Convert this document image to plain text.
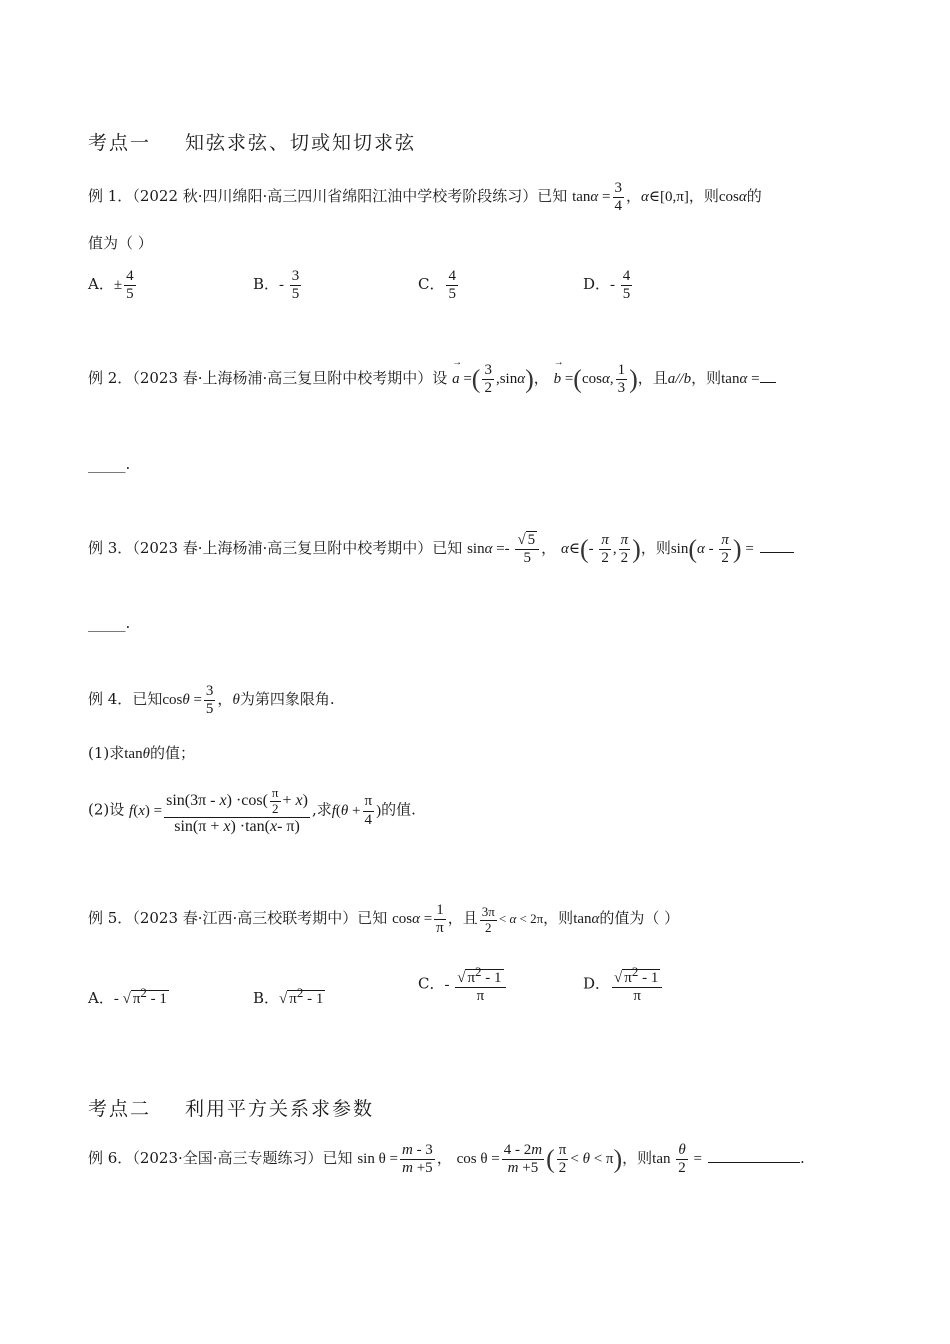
考点一 知弦求弦、切或知切求弦
例 1．（2022 秋·四川绵阳·高三四川省绵阳江油中学校考阶段练习）已知 $\tan\alpha = \frac{3}{4}$ ，α∈[0,π]，则cosα的
值为（ ）
A．± $\frac{4}{5}$	B．- $\frac{3}{5}$	C． $\frac{4}{5}$	D．- $\frac{4}{5}$
例 2．（2023 春·上海杨浦·高三复旦附中校考期中）设 → a =( $\frac{3}{2} ,\sin\alpha$)， → b =(cosα, $\frac{1}{3}$ )，且a//b，则tanα =
_____.
例 3．（2023 春·上海杨浦·高三复旦附中校考期中）已知 $\sin\alpha =- \frac{√ 5}{5}$ ， α∈(- $\frac{\pi}{2}$ , $\frac{\pi}{2}$ )，则$\sin(\alpha - \frac{\pi}{2}$ ) =
_____.
例 4．已知$\cos\theta = \frac{3}{5}$ ，θ为第四象限角.
(1)求tanθ的值；
(2)设 $f(x) = \frac{\sin(3\pi - x) \cdot\cos( \frac{\pi}{2} + x)}{\sin(\pi + x) \cdot\tan(x- \pi)}$ ,求$f(\theta + \frac{\pi}{4}$ )的值.
例 5．（2023 春·江西·高三校联考期中）已知 $\cos\alpha = \frac{1}{\pi}$ ，且 $\frac{3\pi}{2} < \alpha < 2\pi$，则tanα的值为（ ）
A．- √ $\pi^2 - 1$	B．√ $\pi^2 - 1$
C．- $\frac{√ \pi^2 - 1}{\pi}$	D． $\frac{√ \pi^2 - 1}{\pi}$
考点二 利用平方关系求参数
例 6．（2023·全国·高三专题练习）已知 $\sin \theta = \frac{m - 3}{m +5}$ ， $\cos \theta = \frac{4 - 2m}{m +5}$ ( $\frac{\pi}{2} < \theta < \pi$)，则$\tan \frac{\theta}{2}$ =	.
